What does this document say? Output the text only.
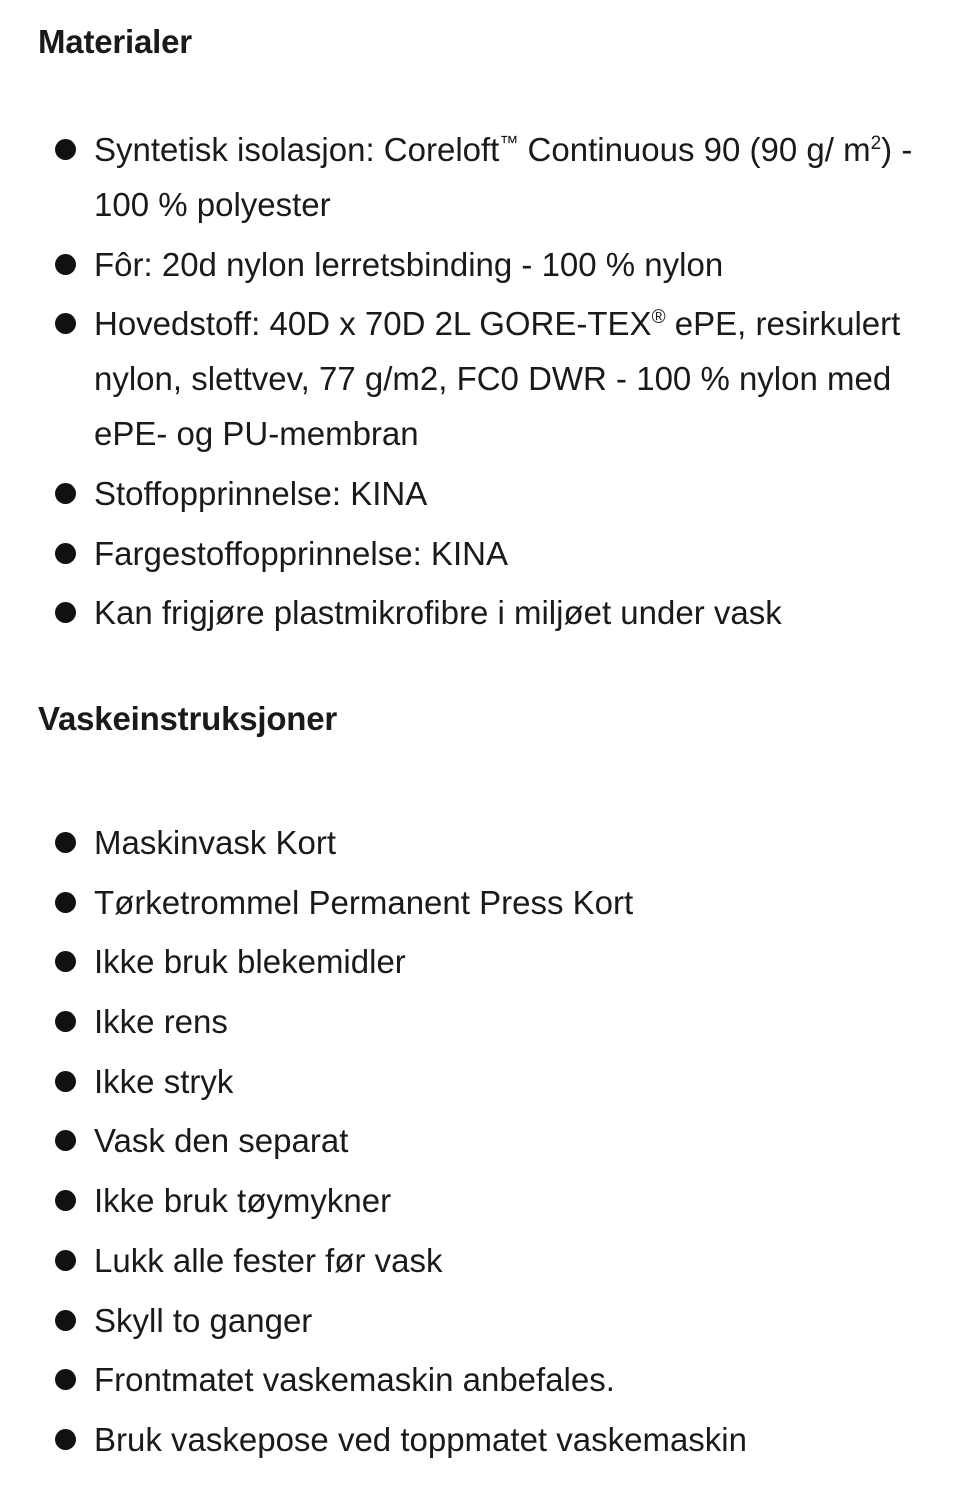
Materialer
Syntetisk isolasjon: Coreloft™ Continuous 90 (90 g/ $m^2) - 100$ % polyester
Fôr: 20d nylon lerretsbinding - 100 % nylon
Hovedstoff: 40D x 70D 2L GORE-TEX® ePE, resirkulert nylon, slettvev, 77 g/m2, FC0 DWR - 100 % nylon med ePE- og PU-membran
Stoffopprinnelse: KINA
Fargestoffopprinnelse: KINA
Kan frigjøre plastmikrofibre i miljøet under vask
Vaskeinstruksjoner
Maskinvask Kort
Tørketrommel Permanent Press Kort
Ikke bruk blekemidler
Ikke rens
Ikke stryk
Vask den separat
Ikke bruk tøymykner
Lukk alle fester før vask
Skyll to ganger
Frontmatet vaskemaskin anbefales.
Bruk vaskepose ved toppmatet vaskemaskin
